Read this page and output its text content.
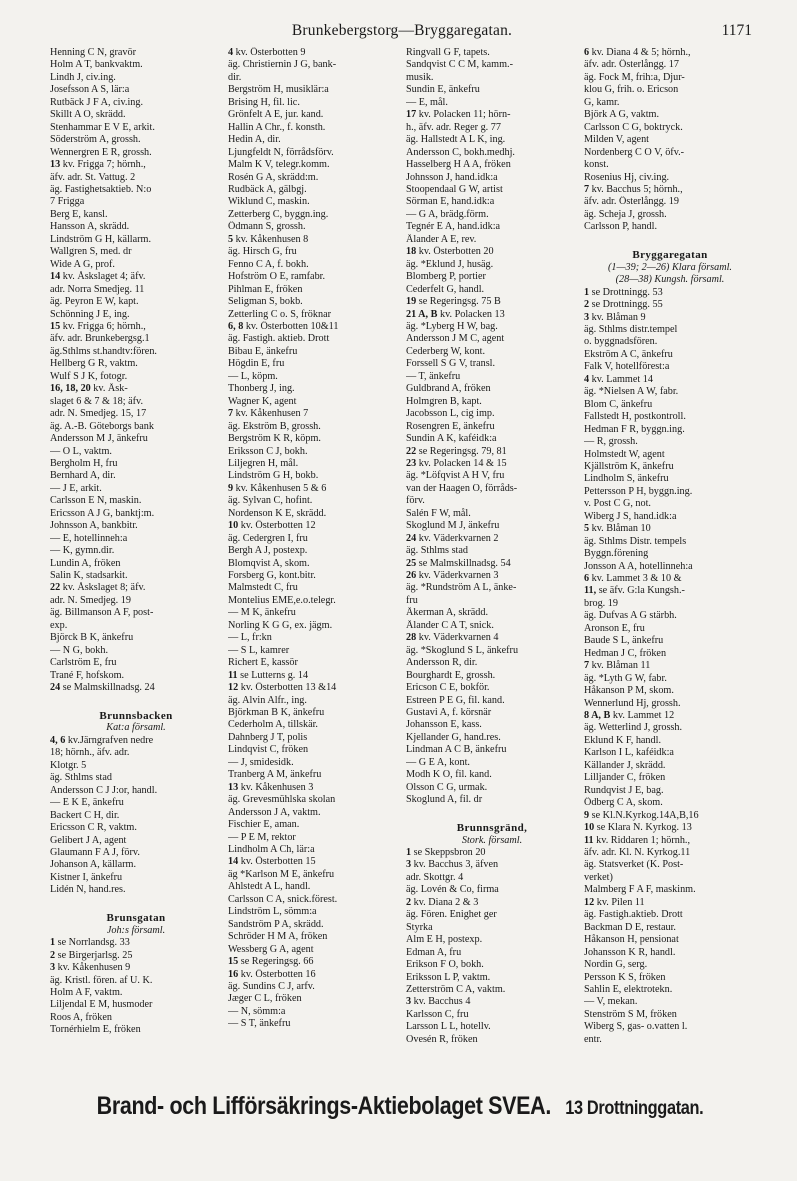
Brunkebergstorg—Bryggaregatan.	1171
Henning C N, gravör
Holm A T, bankvaktm.
Lindh J, civ.ing.
Josefsson A S, lär:a
Rutbäck J F A, civ.ing.
Skillt A O, skrädd.
Stenhammar E V E, arkit.
Söderström A, grossh.
Wennergren E R, grossh.
13 kv. Frigga 7; hörnh.,
äfv. adr. St. Vattug. 2
äg. Fastighetsaktieb. N:o
7 Frigga
Berg E, kansl.
Hansson A, skrädd.
Lindström G H, källarm.
Wallgren S, med. dr
Wide A G, prof.
14 kv. Åskslaget 4; äfv.
adr. Norra Smedjeg. 11
äg. Peyron E W, kapt.
Schönning J E, ing.
15 kv. Frigga 6; hörnh.,
äfv. adr. Brunkebergsg.1
äg.Sthlms st.handtv:fören.
Hellberg G R, vaktm.
Wulf S J K, fotogr.
16, 18, 20 kv. Åsk-
slaget 6 & 7 & 18; äfv.
adr. N. Smedjeg. 15, 17
äg. A.-B. Göteborgs bank
Andersson M J, änkefru
— O L, vaktm.
Bergholm H, fru
Bernhard A, dir.
— J E, arkit.
Carlsson E N, maskin.
Ericsson A J G, banktj:m.
Johnsson A, bankbitr.
— E, hotellinneh:a
— K, gymn.dir.
Lundin A, fröken
Salin K, stadsarkit.
22 kv. Åskslaget 8; äfv.
adr. N. Smedjeg. 19
äg. Billmanson A F, post-
exp.
Björck B K, änkefru
— N G, bokh.
Carlström E, fru
Trané F, hofskom.
24 se Malmskillnadsg. 24

Brunnsbacken
Kat:a församl.
4, 6 kv.Järngrafven nedre
18; hörnh., äfv. adr.
Klotgr. 5
äg. Sthlms stad
Andersson C J J:or, handl.
— E K E, änkefru
Backert C H, dir.
Ericsson C R, vaktm.
Gelibert J A, agent
Glaumann F A J, förv.
Johanson A, källarm.
Kistner I, änkefru
Lidén N, hand.res.

Brunsgatan
Joh:s församl.
1 se Norrlandsg. 33
2 se Birgerjarlsg. 25
3 kv. Kåkenhusen 9
äg. Kristl. fören. af U. K.
Holm A F, vaktm.
Liljendal E M, husmoder
Roos A, fröken
Tornérhielm E, fröken
4 kv. Österbotten 9
äg. Christiernin J G, bank-
dir.
Bergström H, musiklär:a
Brising H, fil. lic.
Grönfelt A E, jur. kand.
Hallin A Chr., f. konsth.
Hedin A, dir.
Ljungfeldt N, förrådsförv.
Malm K V, telegr.komm.
Rosén G A, skrädd:m.
Rudbäck A, gälbgj.
Wiklund C, maskin.
Zetterberg C, byggn.ing.
Ödmann S, grossh.
5 kv. Kåkenhusen 8
äg. Hirsch G, fru
Fenno C A, f. bokh.
Hofström O E, ramfabr.
Pihlman E, fröken
Seligman S, bokb.
Zetterling C o. S, fröknar
6, 8 kv. Österbotten 10&11
äg. Fastigh. aktieb. Drott
Bibau E, änkefru
Högdin E, fru
— L, köpm.
Thonberg J, ing.
Wagner K, agent
7 kv. Kåkenhusen 7
äg. Ekström B, grossh.
Bergström K R, köpm.
Eriksson C J, bokh.
Liljegren H, mål.
Lindström G H, bokb.
9 kv. Kåkenhusen 5 & 6
äg. Sylvan C, hofint.
Nordenson K E, skrädd.
10 kv. Österbotten 12
äg. Cedergren I, fru
Bergh A J, postexp.
Blomqvist A, skom.
Forsberg G, kont.bitr.
Malmstedt C, fru
Montelius EME,e.o.telegr.
— M K, änkefru
Norling K G G, ex. jägm.
— L, fr:kn
— S L, kamrer
Richert E, kassör
11 se Lutterns g. 14
12 kv. Österbotten 13 &14
äg. Alvin Alfr., ing.
Björkman B K, änkefru
Cederholm A, tillskär.
Dahnberg J T, polis
Lindqvist C, fröken
— J, smidesidk.
Tranberg A M, änkefru
13 kv. Kåkenhusen 3
äg. Grevesmühlska skolan
Andersson J A, vaktm.
Fischier E, aman.
— P E M, rektor
Lindholm A Ch, lär:a
14 kv. Österbotten 15
äg *Karlson M E, änkefru
Ahlstedt A L, handl.
Carlsson C A, snick.förest.
Lindström L, sömm:a
Sandström P A, skrädd.
Schröder H M A, fröken
Wessberg G A, agent
15 se Regeringsg. 66
16 kv. Österbotten 16
äg. Sundins C J, arfv.
Jæger C L, fröken
— N, sömm:a
— S T, änkefru
Ringvall G F, tapets.
Sandqvist C C M, kamm.-
musik.
Sundin E, änkefru
— E, mål.
17 kv. Polacken 11; hörn-
h., äfv. adr. Reger g. 77
äg. Hallstedt A L K, ing.
Andersson C, bokh.medhj.
Hasselberg H A A, fröken
Johnsson J, hand.idk:a
Stoopendaal G W, artist
Sörman E, hand.idk:a
— G A, brädg.förm.
Tegnér E A, hand.idk:a
Ålander A E, rev.
18 kv. Österbotten 20
äg. *Eklund J, husäg.
Blomberg P, portier
Cederfelt G, handl.
19 se Regeringsg. 75 B
21 A, B kv. Polacken 13
äg. *Lyberg H W, bag.
Andersson J M C, agent
Cederberg W, kont.
Forssell S G V, transl.
— T, änkefru
Guldbrand A, fröken
Holmgren B, kapt.
Jacobsson L, cig imp.
Rosengren E, änkefru
Sundin A K, kaféidk:a
22 se Regeringsg. 79, 81
23 kv. Polacken 14 & 15
äg. *Löfqvist A H V, fru
van der Haagen O, förråds-
förv.
Salén F W, mål.
Skoglund M J, änkefru
24 kv. Väderkvarnen 2
äg. Sthlms stad
25 se Malmskillnadsg. 54
26 kv. Väderkvarnen 3
äg. *Rundström A L, änke-
fru
Åkerman A, skrädd.
Ålander C A T, snick.
28 kv. Väderkvarnen 4
äg. *Skoglund S L, änkefru
Andersson R, dir.
Bourghardt E, grossh.
Ericson C E, bokför.
Estreen P E G, fil. kand.
Gustavi A, f. körsnär
Johansson E, kass.
Kjellander G, hand.res.
Lindman A C B, änkefru
— G E A, kont.
Modh K O, fil. kand.
Olsson C G, urmak.
Skoglund A, fil. dr

Brunnsgränd,
Stork. församl.
1 se Skeppsbron 20
3 kv. Bacchus 3, äfven
adr. Skottgr. 4
äg. Lovén & Co, firma
2 kv. Diana 2 & 3
äg. Fören. Enighet ger
Styrka
Alm E H, postexp.
Edman A, fru
Erikson F O, bokh.
Eriksson L P, vaktm.
Zetterström C A, vaktm.
3 kv. Bacchus 4
Karlsson C, fru
Larsson L L, hotellv.
Ovesén R, fröken
6 kv. Diana 4 & 5; hörnh.,
äfv. adr. Österlångg. 17
äg. Fock M, frih:a, Djur-
klou G, frih. o. Ericson
G, kamr.
Björk A G, vaktm.
Carlsson C G, boktryck.
Milden V, agent
Nordenberg C O V, öfv.-
konst.
Rosenius Hj, civ.ing.
7 kv. Bacchus 5; hörnh.,
äfv. adr. Österlångg. 19
äg. Scheja J, grossh.
Carlsson P, handl.

Bryggaregatan
(1—39; 2—26) Klara församl.
(28—38) Kungsh. församl.
1 se Drottningg. 53
2 se Drottningg. 55
3 kv. Blåman 9
äg. Sthlms distr.tempel
o. byggnadsfören.
Ekström A C, änkefru
Falk V, hotellförest:a
4 kv. Lammet 14
äg. *Nielsen A W, fabr.
Blom C, änkefru
Fallstedt H, postkontroll.
Hedman F R, byggn.ing.
— R, grossh.
Holmstedt W, agent
Kjällström K, änkefru
Lindholm S, änkefru
Pettersson P H, byggn.ing.
v. Post C G, not.
Wiberg J S, hand.idk:a
5 kv. Blåman 10
äg. Sthlms Distr. tempels
Byggn.förening
Jonsson A A, hotellinneh:a
6 kv. Lammet 3 & 10 &
11, se äfv. G:la Kungsh.-
brog. 19
äg. Dufvas A G stärbh.
Aronson E, fru
Baude S L, änkefru
Hedman J C, fröken
7 kv. Blåman 11
äg. *Lyth G W, fabr.
Håkanson P M, skom.
Wennerlund Hj, grossh.
8 A, B kv. Lammet 12
äg. Wetterlind J, grossh.
Eklund K F, handl.
Karlson I L, kaféidk:a
Källander J, skrädd.
Lilljander C, fröken
Rundqvist J E, bag.
Ödberg C A, skom.
9 se Kl.N.Kyrkog.14A,B,16
10 se Klara N. Kyrkog. 13
11 kv. Riddaren 1; hörnh.,
äfv. adr. Kl. N. Kyrkog.11
äg. Statsverket (K. Post-
verket)
Malmberg F A F, maskinm.
12 kv. Pilen 11
äg. Fastigh.aktieb. Drott
Backman D E, restaur.
Håkanson H, pensionat
Johansson K R, handl.
Nordin G, serg.
Persson K S, fröken
Sahlin E, elektrotekn.
— V, mekan.
Stenström S M, fröken
Wiberg S, gas- o.vatten l.
entr.
Brand- och Lifförsäkrings-Aktiebolaget SVEA. 13 Drottninggatan.
